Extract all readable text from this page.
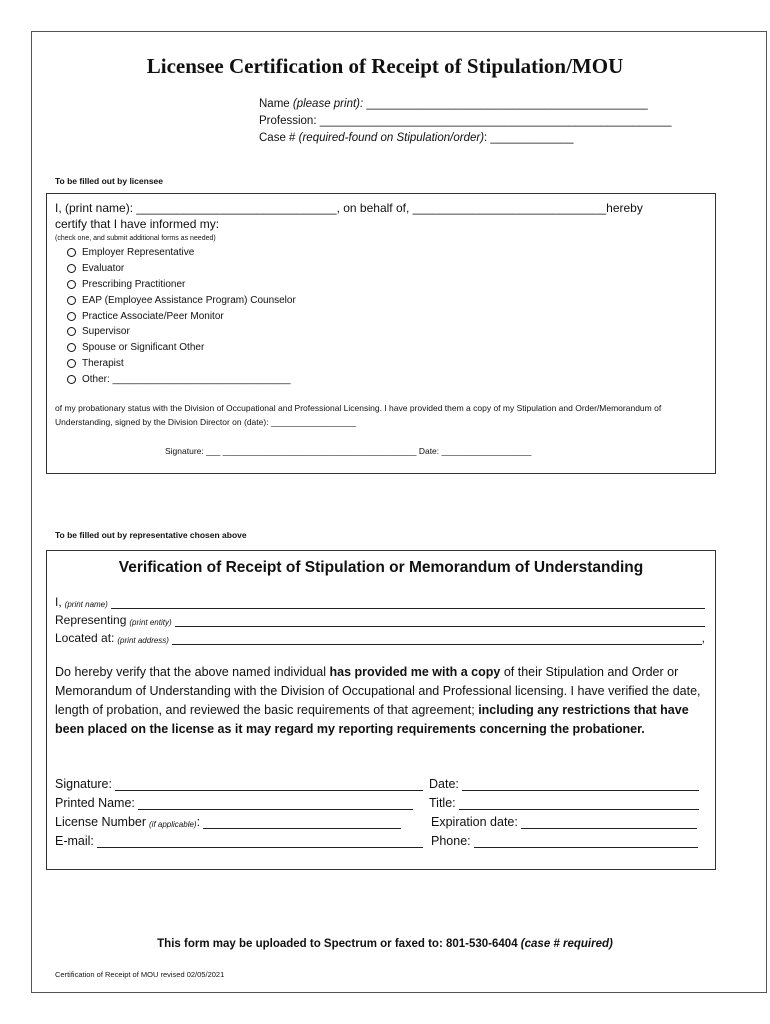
Licensee Certification of Receipt of Stipulation/MOU
Name (please print): ____________________________________________
Profession: _______________________________________________________
Case # (required-found on Stipulation/order): _____________
To be filled out by licensee
I, (print name): ______________________________, on behalf of, _____________________________hereby
certify that I have informed my:
(check one, and submit additional forms as needed)
Employer Representative
Evaluator
Prescribing Practitioner
EAP (Employee Assistance Program) Counselor
Practice Associate/Peer Monitor
Supervisor
Spouse or Significant Other
Therapist
Other: ________________________________
of my probationary status with the Division of Occupational and Professional Licensing. I have provided them a copy of my Stipulation and Order/Memorandum of Understanding, signed by the Division Director on (date): __________________
Signature: ___ _________________________________________ Date: ___________________
To be filled out by representative chosen above
Verification of Receipt of Stipulation or Memorandum of Understanding
I, (print name)
Representing (print entity)
Located at: (print address)	,
Do hereby verify that the above named individual has provided me with a copy of their Stipulation and Order or Memorandum of Understanding with the Division of Occupational and Professional licensing. I have verified the date, length of probation, and reviewed the basic requirements of that agreement; including any restrictions that have been placed on the license as it may regard my reporting requirements concerning the probationer.
Signature:	Date:
Printed Name:	Title:
License Number (if applicable) :	Expiration date:
E-mail:	Phone:
This form may be uploaded to Spectrum or faxed to: 801-530-6404 (case # required)
Certification of Receipt of MOU revised 02/05/2021
